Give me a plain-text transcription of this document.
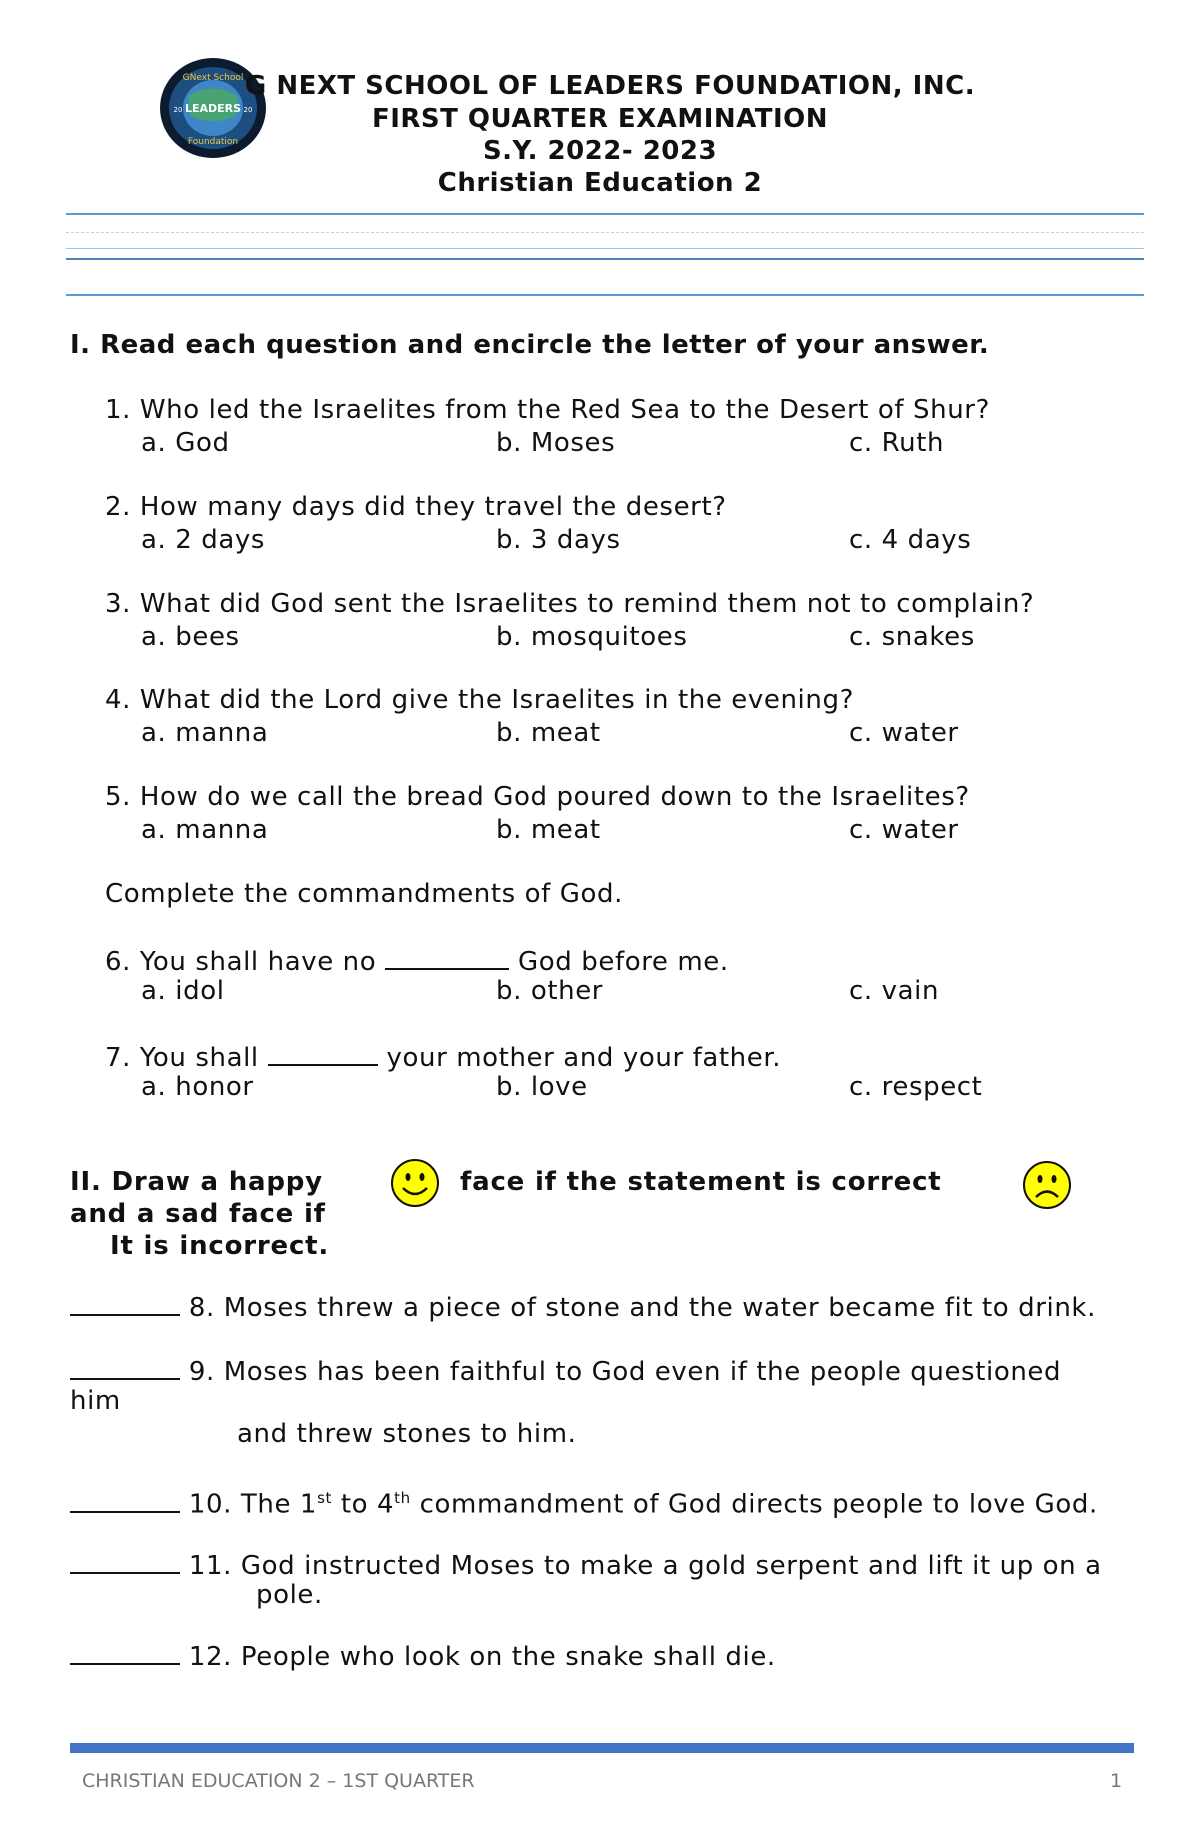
GNext School
LEADERS
Foundation
20	20
G NEXT SCHOOL OF LEADERS FOUNDATION, INC.
FIRST QUARTER EXAMINATION
S.Y. 2022- 2023
Christian Education 2
I. Read each question and encircle the letter of your answer.
1. Who led the Israelites from the Red Sea to the Desert of Shur?
a. God	b. Moses	c. Ruth
2. How many days did they travel the desert?
a. 2 days	b. 3 days	c. 4 days
3. What did God sent the Israelites to remind them not to complain?
a. bees	b. mosquitoes	c. snakes
4. What did the Lord give the Israelites in the evening?
a. manna	b. meat	c. water
5. How do we call the bread God poured down to the Israelites?
a. manna	b. meat	c. water
Complete the commandments of God.
6. You shall have no	God before me.
a. idol	b. other	c. vain
7. You shall	your mother and your father.
a. honor	b. love	c. respect
II. Draw a happy
and a sad face if
It is incorrect.
face if the statement is correct
8. Moses threw a piece of stone and the water became fit to drink.
9. Moses has been faithful to God even if the people questioned
him
and threw stones to him.
10. The 1st to 4th commandment of God directs people to love God.
11. God instructed Moses to make a gold serpent and lift it up on a
pole.
12. People who look on the snake shall die.
CHRISTIAN EDUCATION 2 – 1ST QUARTER	1
